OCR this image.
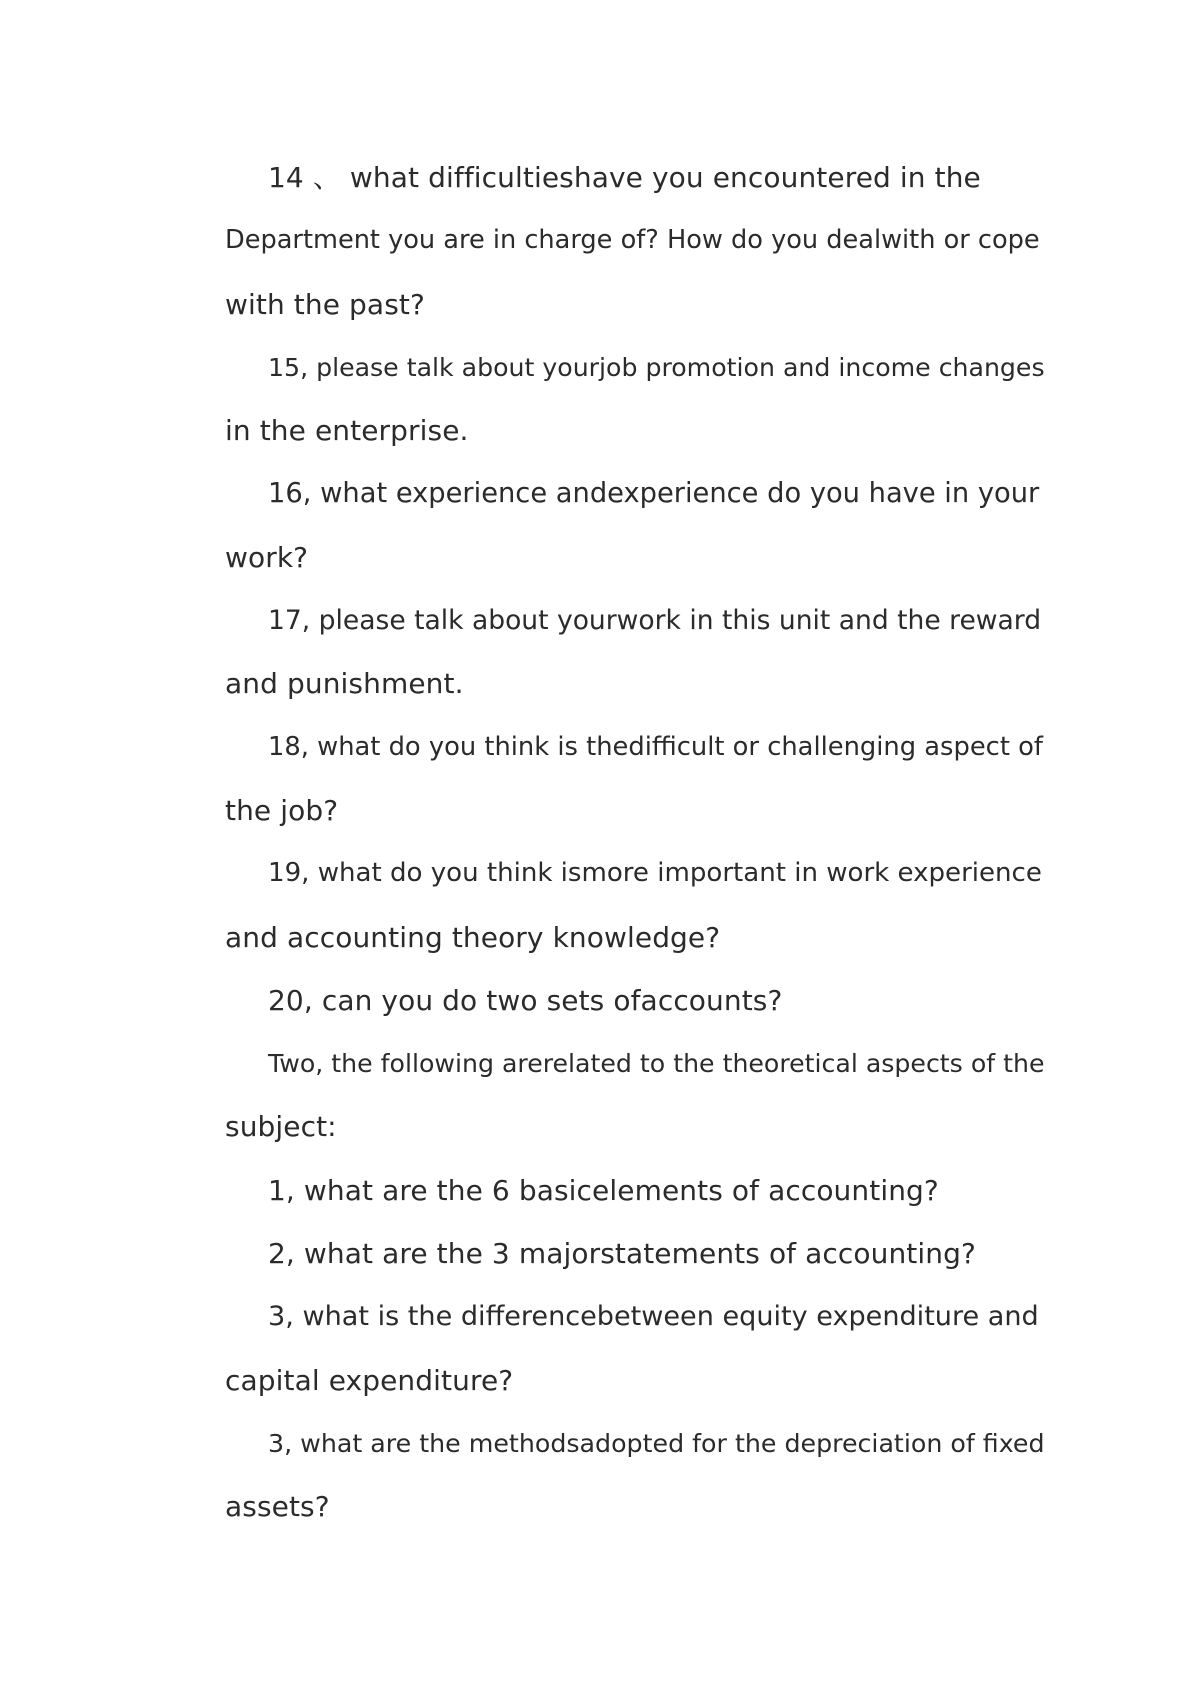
14 、 what difficultieshave you encountered in the
Department you are in charge of? How do you dealwith or cope
with the past?
15, please talk about yourjob promotion and income changes
in the enterprise.
16, what experience andexperience do you have in your
work?
17, please talk about yourwork in this unit and the reward
and punishment.
18, what do you think is thedifficult or challenging aspect of
the job?
19, what do you think ismore important in work experience
and accounting theory knowledge?
20, can you do two sets ofaccounts?
Two, the following arerelated to the theoretical aspects of the
subject:
1, what are the 6 basicelements of accounting?
2, what are the 3 majorstatements of accounting?
3, what is the differencebetween equity expenditure and
capital expenditure?
3, what are the methodsadopted for the depreciation of fixed
assets?
